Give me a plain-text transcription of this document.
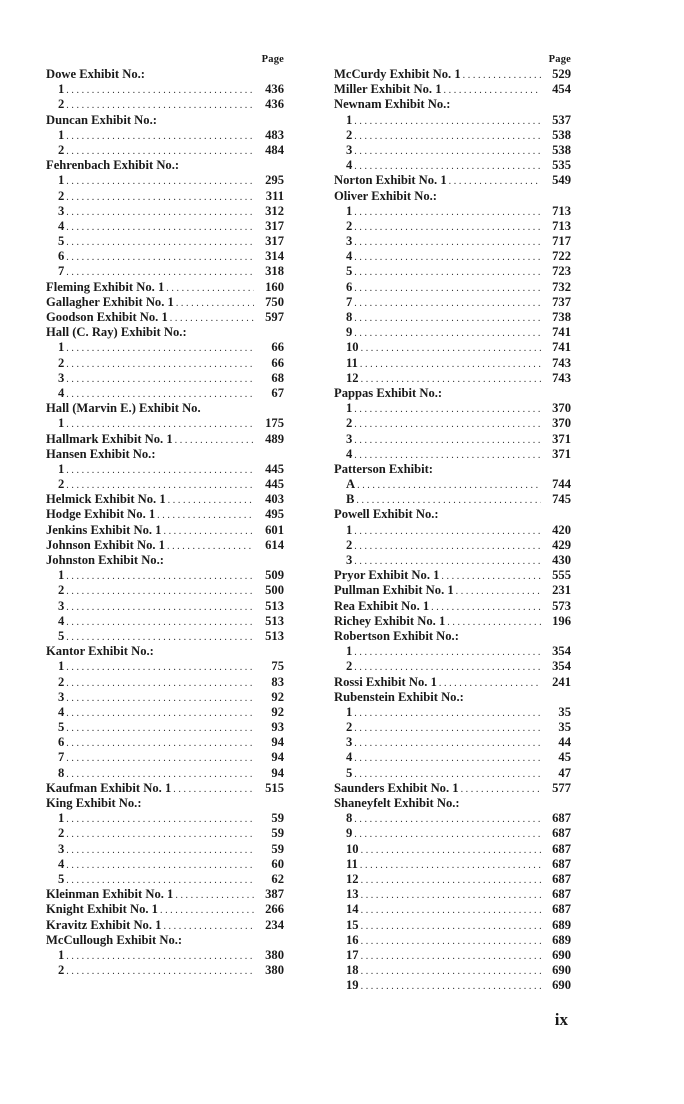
Page
Dowe Exhibit No.:
1 .....	436
2 .....	436
Duncan Exhibit No.:
1 .....	483
2 .....	484
Fehrenbach Exhibit No.:
1 .....	295
2 .....	311
3 .....	312
4 .....	317
5 .....	317
6 .....	314
7 .....	318
Fleming Exhibit No. 1 .....	160
Gallagher Exhibit No. 1 .....	750
Goodson Exhibit No. 1 .....	597
Hall (C. Ray) Exhibit No.:
1 .....	66
2 .....	66
3 .....	68
4 .....	67
Hall (Marvin E.) Exhibit No.
1 .....	175
Hallmark Exhibit No. 1 .....	489
Hansen Exhibit No.:
1 .....	445
2 .....	445
Helmick Exhibit No. 1 .....	403
Hodge Exhibit No. 1 .....	495
Jenkins Exhibit No. 1 .....	601
Johnson Exhibit No. 1 .....	614
Johnston Exhibit No.:
1 .....	509
2 .....	500
3 .....	513
4 .....	513
5 .....	513
Kantor Exhibit No.:
1 .....	75
2 .....	83
3 .....	92
4 .....	92
5 .....	93
6 .....	94
7 .....	94
8 .....	94
Kaufman Exhibit No. 1 .....	515
King Exhibit No.:
1 .....	59
2 .....	59
3 .....	59
4 .....	60
5 .....	62
Kleinman Exhibit No. 1 .....	387
Knight Exhibit No. 1 .....	266
Kravitz Exhibit No. 1 .....	234
McCullough Exhibit No.:
1 .....	380
2 .....	380
Page
McCurdy Exhibit No. 1 .....	529
Miller Exhibit No. 1 .....	454
Newnam Exhibit No.:
1 .....	537
2 .....	538
3 .....	538
4 .....	535
Norton Exhibit No. 1 .....	549
Oliver Exhibit No.:
1 .....	713
2 .....	713
3 .....	717
4 .....	722
5 .....	723
6 .....	732
7 .....	737
8 .....	738
9 .....	741
10 .....	741
11 .....	743
12 .....	743
Pappas Exhibit No.:
1 .....	370
2 .....	370
3 .....	371
4 .....	371
Patterson Exhibit:
A .....	744
B .....	745
Powell Exhibit No.:
1 .....	420
2 .....	429
3 .....	430
Pryor Exhibit No. 1 .....	555
Pullman Exhibit No. 1 .....	231
Rea Exhibit No. 1 .....	573
Richey Exhibit No. 1 .....	196
Robertson Exhibit No.:
1 .....	354
2 .....	354
Rossi Exhibit No. 1 .....	241
Rubenstein Exhibit No.:
1 .....	35
2 .....	35
3 .....	44
4 .....	45
5 .....	47
Saunders Exhibit No. 1 .....	577
Shaneyfelt Exhibit No.:
8 .....	687
9 .....	687
10 .....	687
11 .....	687
12 .....	687
13 .....	687
14 .....	687
15 .....	689
16 .....	689
17 .....	690
18 .....	690
19 .....	690
ix
